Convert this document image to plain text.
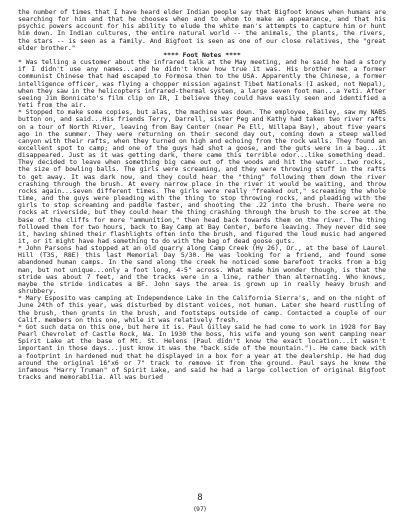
the number of times that I have heard elder Indian people say that Bigfoot knows when humans are searching for him and that he chooses when and to whom to make an appearance, and that his psychic powers account for his ability to elude the white man's attempts to capture him or hunt him down. In Indian cultures, the entire natural world -- the animals, the plants, the rivers, the stars -- is seen as a family. And Bigfoot is seen as one of our close relatives, the "great elder brother."

**** Foot Notes ****

* Was telling a customer about the infrared talk at the May meeting, and he said he had a story if I didn't use any names...and he didn't know how true it was. His brother met a former communist Chinese that had escaped to Formosa then to the USA. Apparently the Chinese, a former intelligence officer, was flying a chopper mission against Tibet Nationals (I asked, not Nepal), when they saw in the helicopters infrared-thermal system, a large seven foot man...a Yeti. After seeing Jim Bonnicato's film clip on IR, I believe they could have easily seen and identified a Yeti from the air.

* Stopped to make some copies, but alas, the machine was down. The employee, Bailey, saw my NABS button on, and said...His friends Terry, Darrell, sister Peg and Kathy had taken two river rafts on a tour of North River, leaving from Bay Center (near Pe Ell, Willapa Bay), about five years ago in the summer. They were returning on their second day out, coming down a steep walled canyon with their rafts, when they turned on high and echoing from the rock walls. They found an excellent spot to camp; and one of the guys had shot a goose, and the guts were in a bag...it disappeared. Just as it was getting dark, there came this terrible odor...like something dead. They decided to leave when something big came out of the woods and hit the water...two rocks, the size of bowling balls. The girls were screaming, and they were throwing stuff in the rafts to get away. It was dark now, and they could hear the "thing" following them down the river crashing through the brush. At every narrow place in the river it would be waiting, and throw rocks again...seven different times. The girls were really "freaked out," screaming the whole time, and the guys were pleading with the thing to stop throwing rocks, and pleading with the girls to stop screaming and paddle faster, and shooting the .22 into the brush. There were no rocks at riverside, but they could hear the thing crashing through the brush to the scree at the base of the cliffs for more "ammunition," then head back towards them on the river. The thing followed them for two hours, back to Bay Camp at Bay Center, before leaving. They never did see it, having shined their flashlights often into the brush, and figured the loud music had angered it, or it might have had something to do with the bag of dead goose guts.

* John Parsons had stopped at an old quarry along Camp Creek (Hy 26), Or., at the base of Laurel Hill (T3S, R8E) this last Memorial Day 5/30. He was looking for a friend, and found some abandoned human camps. In the sand along the creek he noticed some barefoot tracks from a big man, but not unique...only a foot long, 4-5" across. What made him wonder though, is that the stride was about 7 feet, and the tracks were in a line, rather than alternating. Who knows, maybe the stride indicates a BF. John says the area is grown up in really heavy brush and shrubbery.

* Mary Esposito was camping at Independence Lake in the California Sierra's, and on the night of June 24th of this year, was disturbed by distant voices, not human. Later she heard rustling of the brush, then grunts in the brush, and footsteps outside of camp. Contacted a couple of our Calif. members on this one, while it was relatively fresh.

* Got such data on this one, but here it is. Paul Gilley said he had come to work in 1928 for Bay Pearl Chevrolet of Castle Rock, Wa. In 1930 the boss, his wife and young son went camping near Spirit Lake at the base of Mt. St. Helens (Paul didn't know the exact location...it wasn't important in those days...just know it was the "back side of the mountain."). He came back with a footprint in hardened mud that he displayed in a box for a year at the dealership. He had dug around the original 16"x6 or 7" track to remove it from the ground. Paul says he knew the infamous "Harry Truman" of Spirit Lake, and said he had a large collection of original Bigfoot tracks and memorabilia. All was buried

8
(97)
